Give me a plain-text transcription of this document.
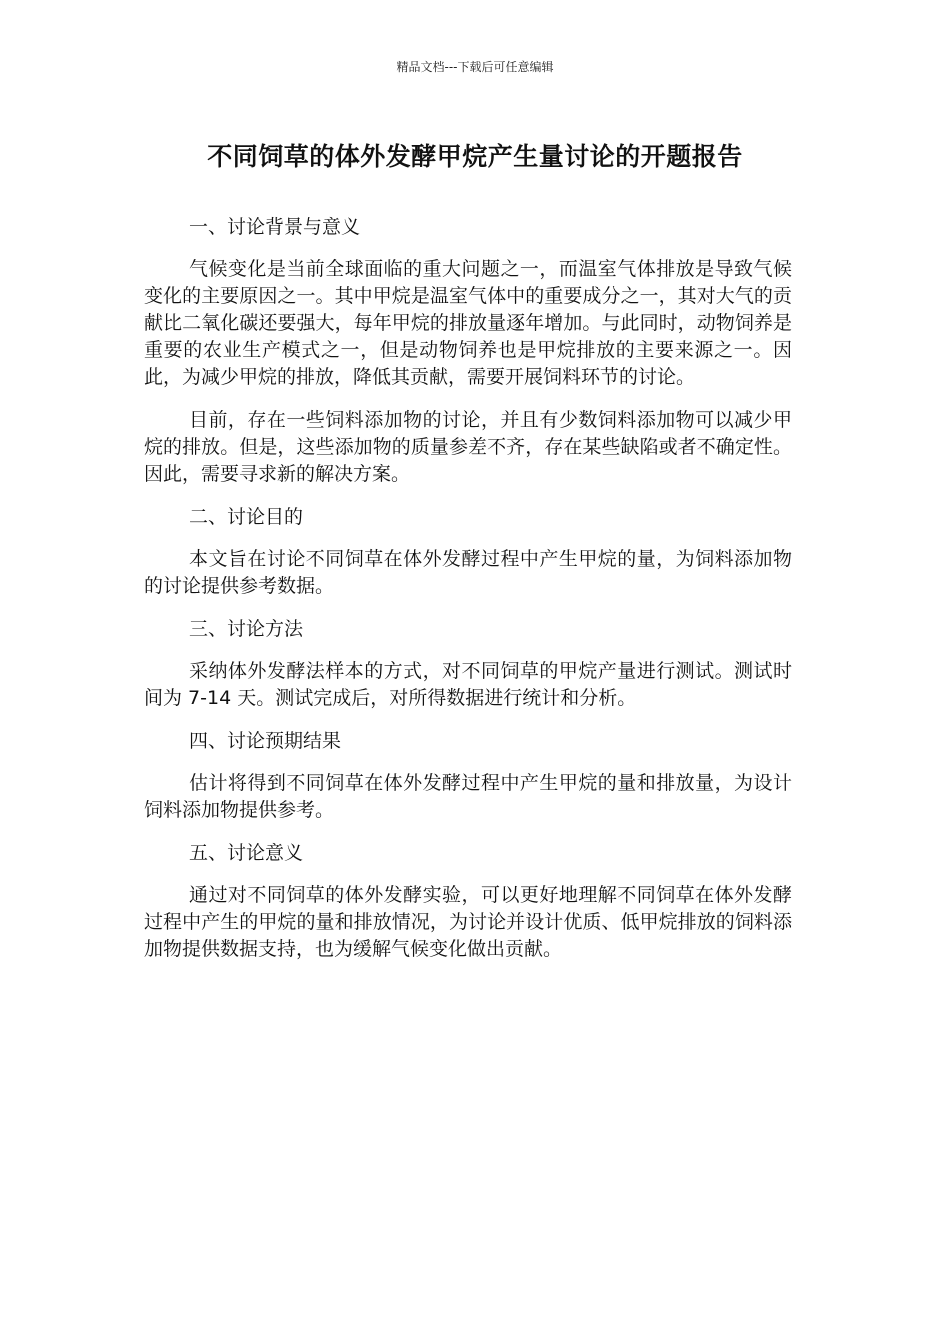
精品文档---下载后可任意编辑
不同饲草的体外发酵甲烷产生量讨论的开题报告

一、讨论背景与意义

气候变化是当前全球面临的重大问题之一，而温室气体排放是导致气候变化的主要原因之一。其中甲烷是温室气体中的重要成分之一，其对大气的贡献比二氧化碳还要强大，每年甲烷的排放量逐年增加。与此同时，动物饲养是重要的农业生产模式之一，但是动物饲养也是甲烷排放的主要来源之一。因此，为减少甲烷的排放，降低其贡献，需要开展饲料环节的讨论。

目前，存在一些饲料添加物的讨论，并且有少数饲料添加物可以减少甲烷的排放。但是，这些添加物的质量参差不齐，存在某些缺陷或者不确定性。因此，需要寻求新的解决方案。

二、讨论目的

本文旨在讨论不同饲草在体外发酵过程中产生甲烷的量，为饲料添加物的讨论提供参考数据。

三、讨论方法

采纳体外发酵法样本的方式，对不同饲草的甲烷产量进行测试。测试时间为 7-14 天。测试完成后，对所得数据进行统计和分析。

四、讨论预期结果

估计将得到不同饲草在体外发酵过程中产生甲烷的量和排放量，为设计饲料添加物提供参考。

五、讨论意义

通过对不同饲草的体外发酵实验，可以更好地理解不同饲草在体外发酵过程中产生的甲烷的量和排放情况，为讨论并设计优质、低甲烷排放的饲料添加物提供数据支持，也为缓解气候变化做出贡献。
